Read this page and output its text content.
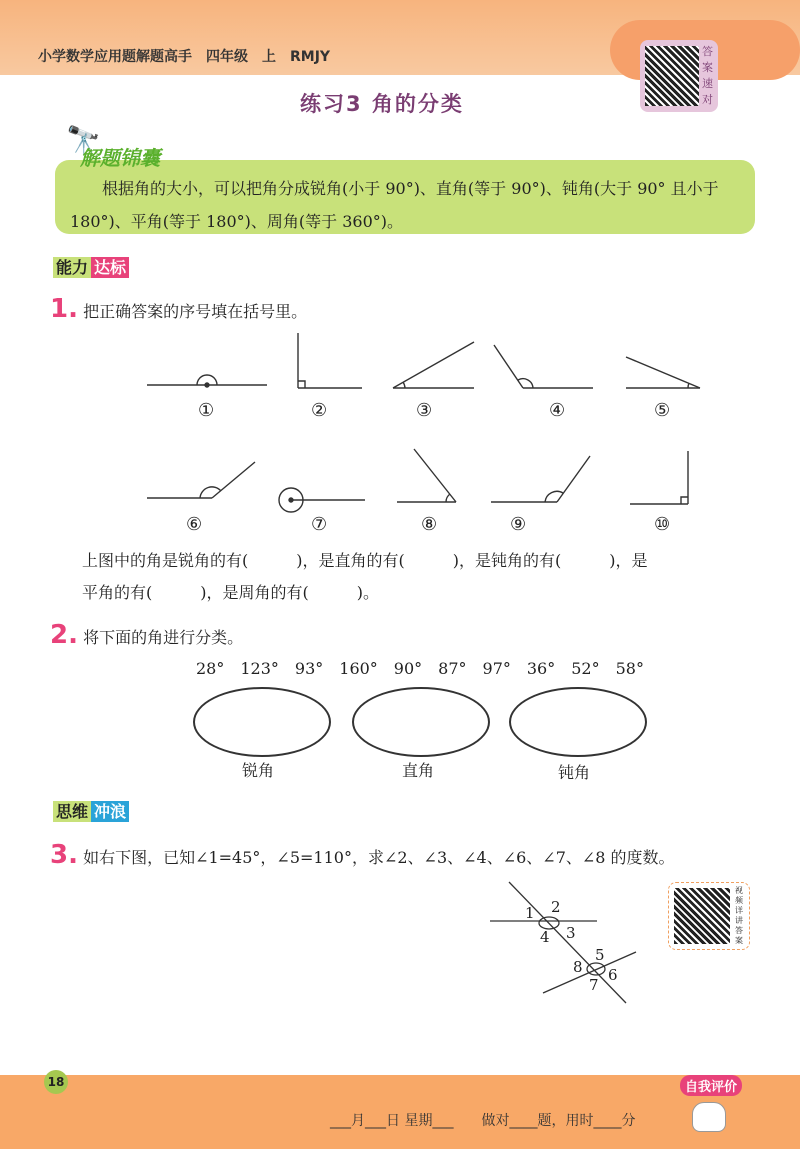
小学数学应用题解题高手　四年级　上　RMJY	答案速对
练习3 角的分类
🔭
解题锦囊
根据角的大小，可以把角分成锐角(小于 90°)、直角(等于 90°)、钝角(大于 90° 且小于 180°)、平角(等于 180°)、周角(等于 360°)。
能力 达标
1. 把正确答案的序号填在括号里。
①	②	③	④	⑤
⑥	⑦	⑧	⑨	⑩
上图中的角是锐角的有(　　　)，是直角的有(　　　)，是钝角的有(　　　)，是
平角的有(　　　)，是周角的有(　　　)。
2. 将下面的角进行分类。
28°　123°　93°　160°　90°　87°　97°　36°　52°　58°
锐角	直角	钝角
思维 冲浪
3. 如右下图，已知∠1=45°，∠5=110°，求∠2、∠3、∠4、∠6、∠7、∠8 的度数。
1 2
3
4
5
6
7
8
视频详讲答案
18	自我评价
___月___日 星期___　　做对____题，用时____分
